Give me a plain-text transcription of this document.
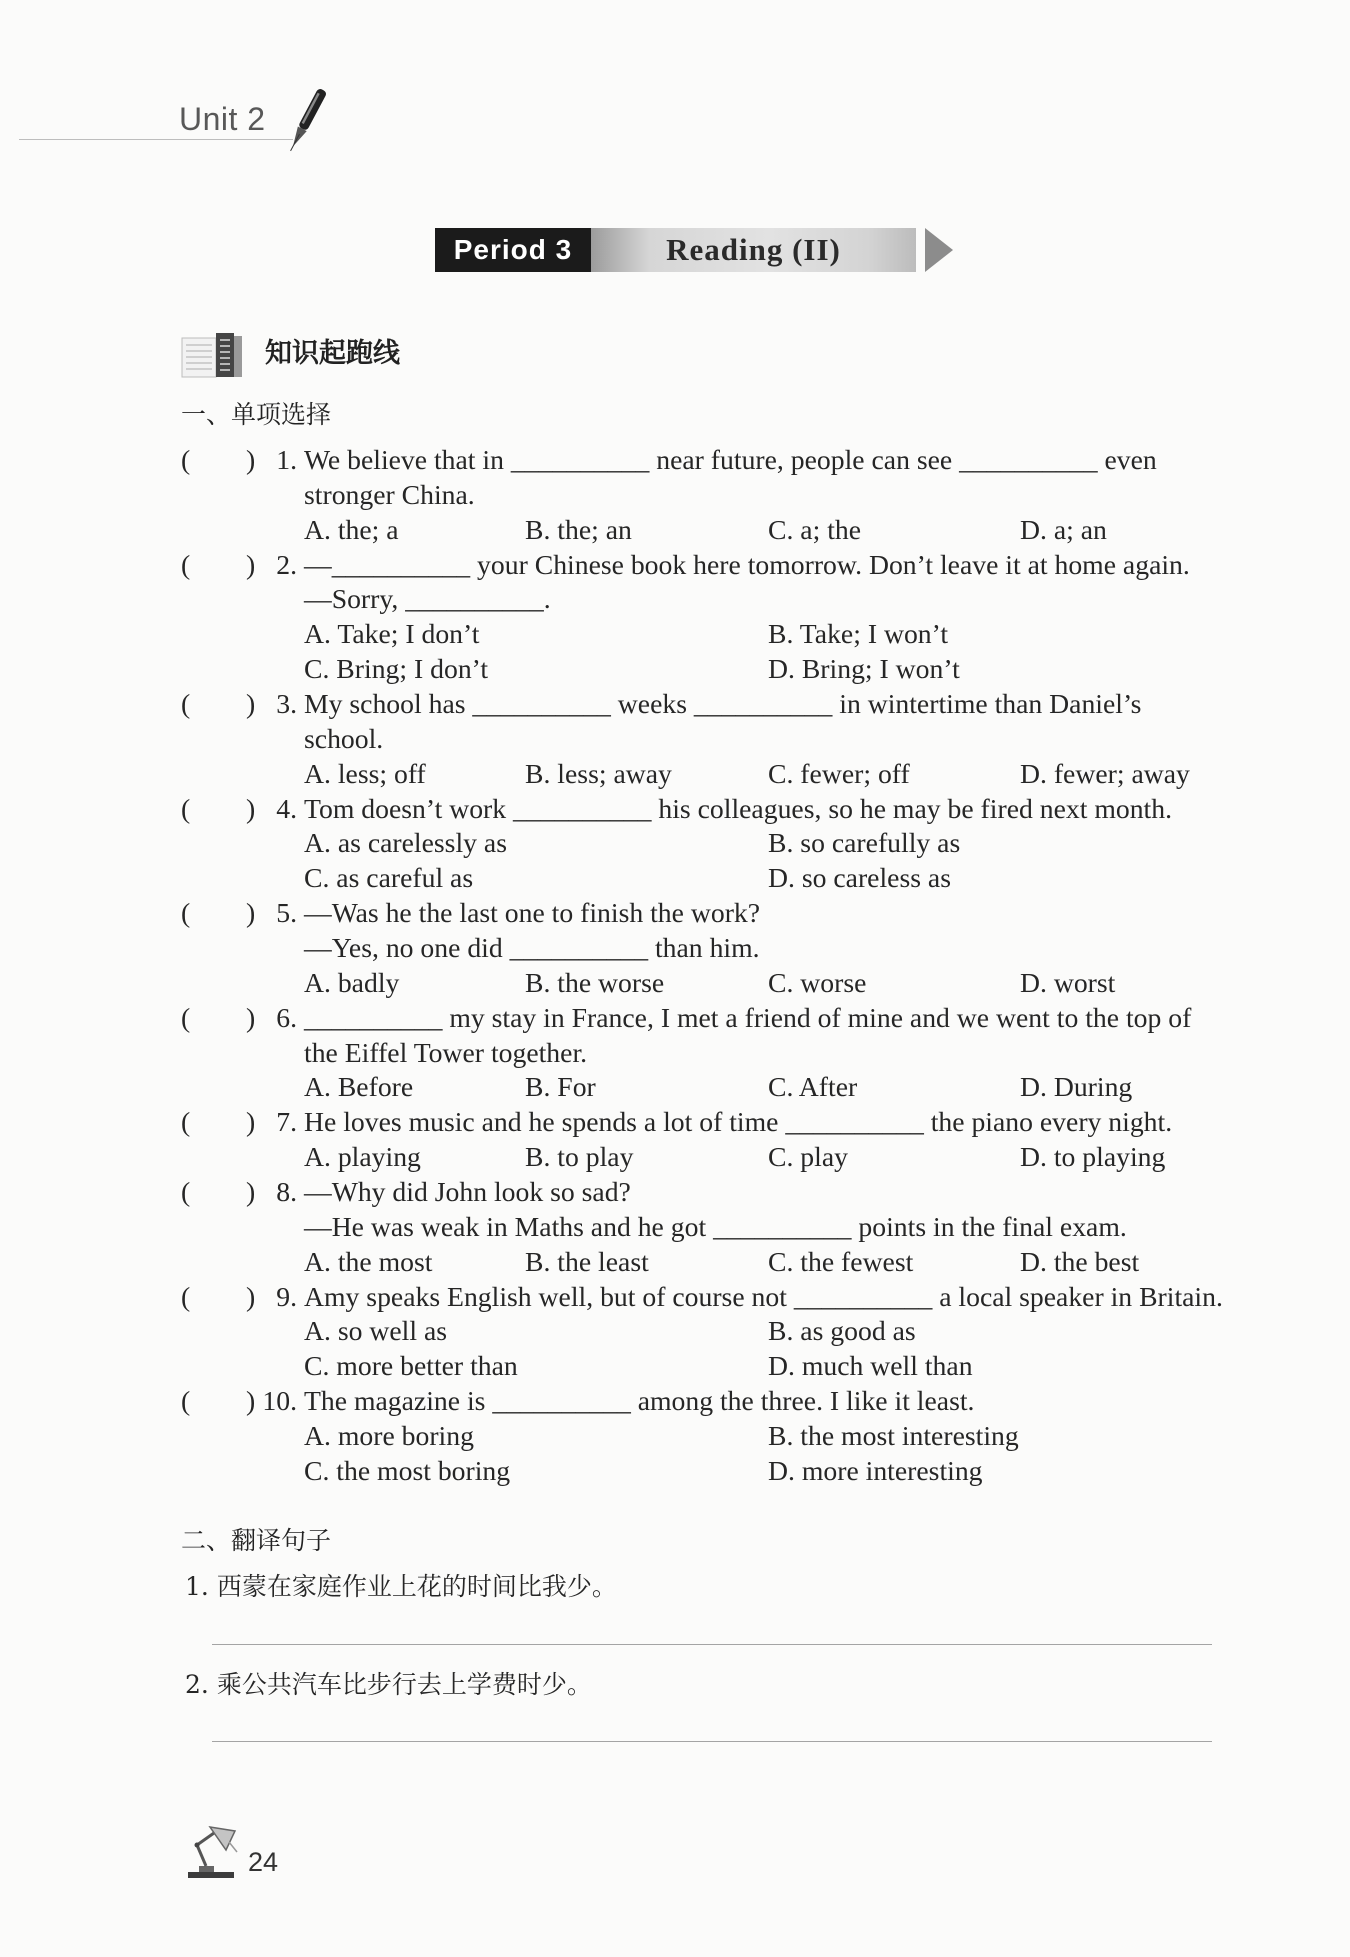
Unit 2
Period 3	Reading (II)
知识起跑线
一、单项选择
( ) 1. We believe that in __________ near future, people can see __________ even
stronger China.
A. the; a	B. the; an	C. a; the	D. a; an
( ) 2. —__________ your Chinese book here tomorrow. Don’t leave it at home again.
—Sorry, __________.
A. Take; I don’t	B. Take; I won’t
C. Bring; I don’t	D. Bring; I won’t
( ) 3. My school has __________ weeks __________ in wintertime than Daniel’s
school.
A. less; off	B. less; away	C. fewer; off	D. fewer; away
( ) 4. Tom doesn’t work __________ his colleagues, so he may be fired next month.
A. as carelessly as	B. so carefully as
C. as careful as	D. so careless as
( ) 5. —Was he the last one to finish the work?
—Yes, no one did __________ than him.
A. badly	B. the worse	C. worse	D. worst
( ) 6. __________ my stay in France, I met a friend of mine and we went to the top of
the Eiffel Tower together.
A. Before	B. For	C. After	D. During
( ) 7. He loves music and he spends a lot of time __________ the piano every night.
A. playing	B. to play	C. play	D. to playing
( ) 8. —Why did John look so sad?
—He was weak in Maths and he got __________ points in the final exam.
A. the most	B. the least	C. the fewest	D. the best
( ) 9. Amy speaks English well, but of course not __________ a local speaker in Britain.
A. so well as	B. as good as
C. more better than	D. much well than
( ) 10. The magazine is __________ among the three. I like it least.
A. more boring	B. the most interesting
C. the most boring	D. more interesting
二、翻译句子
1. 西蒙在家庭作业上花的时间比我少。
2. 乘公共汽车比步行去上学费时少。
24
